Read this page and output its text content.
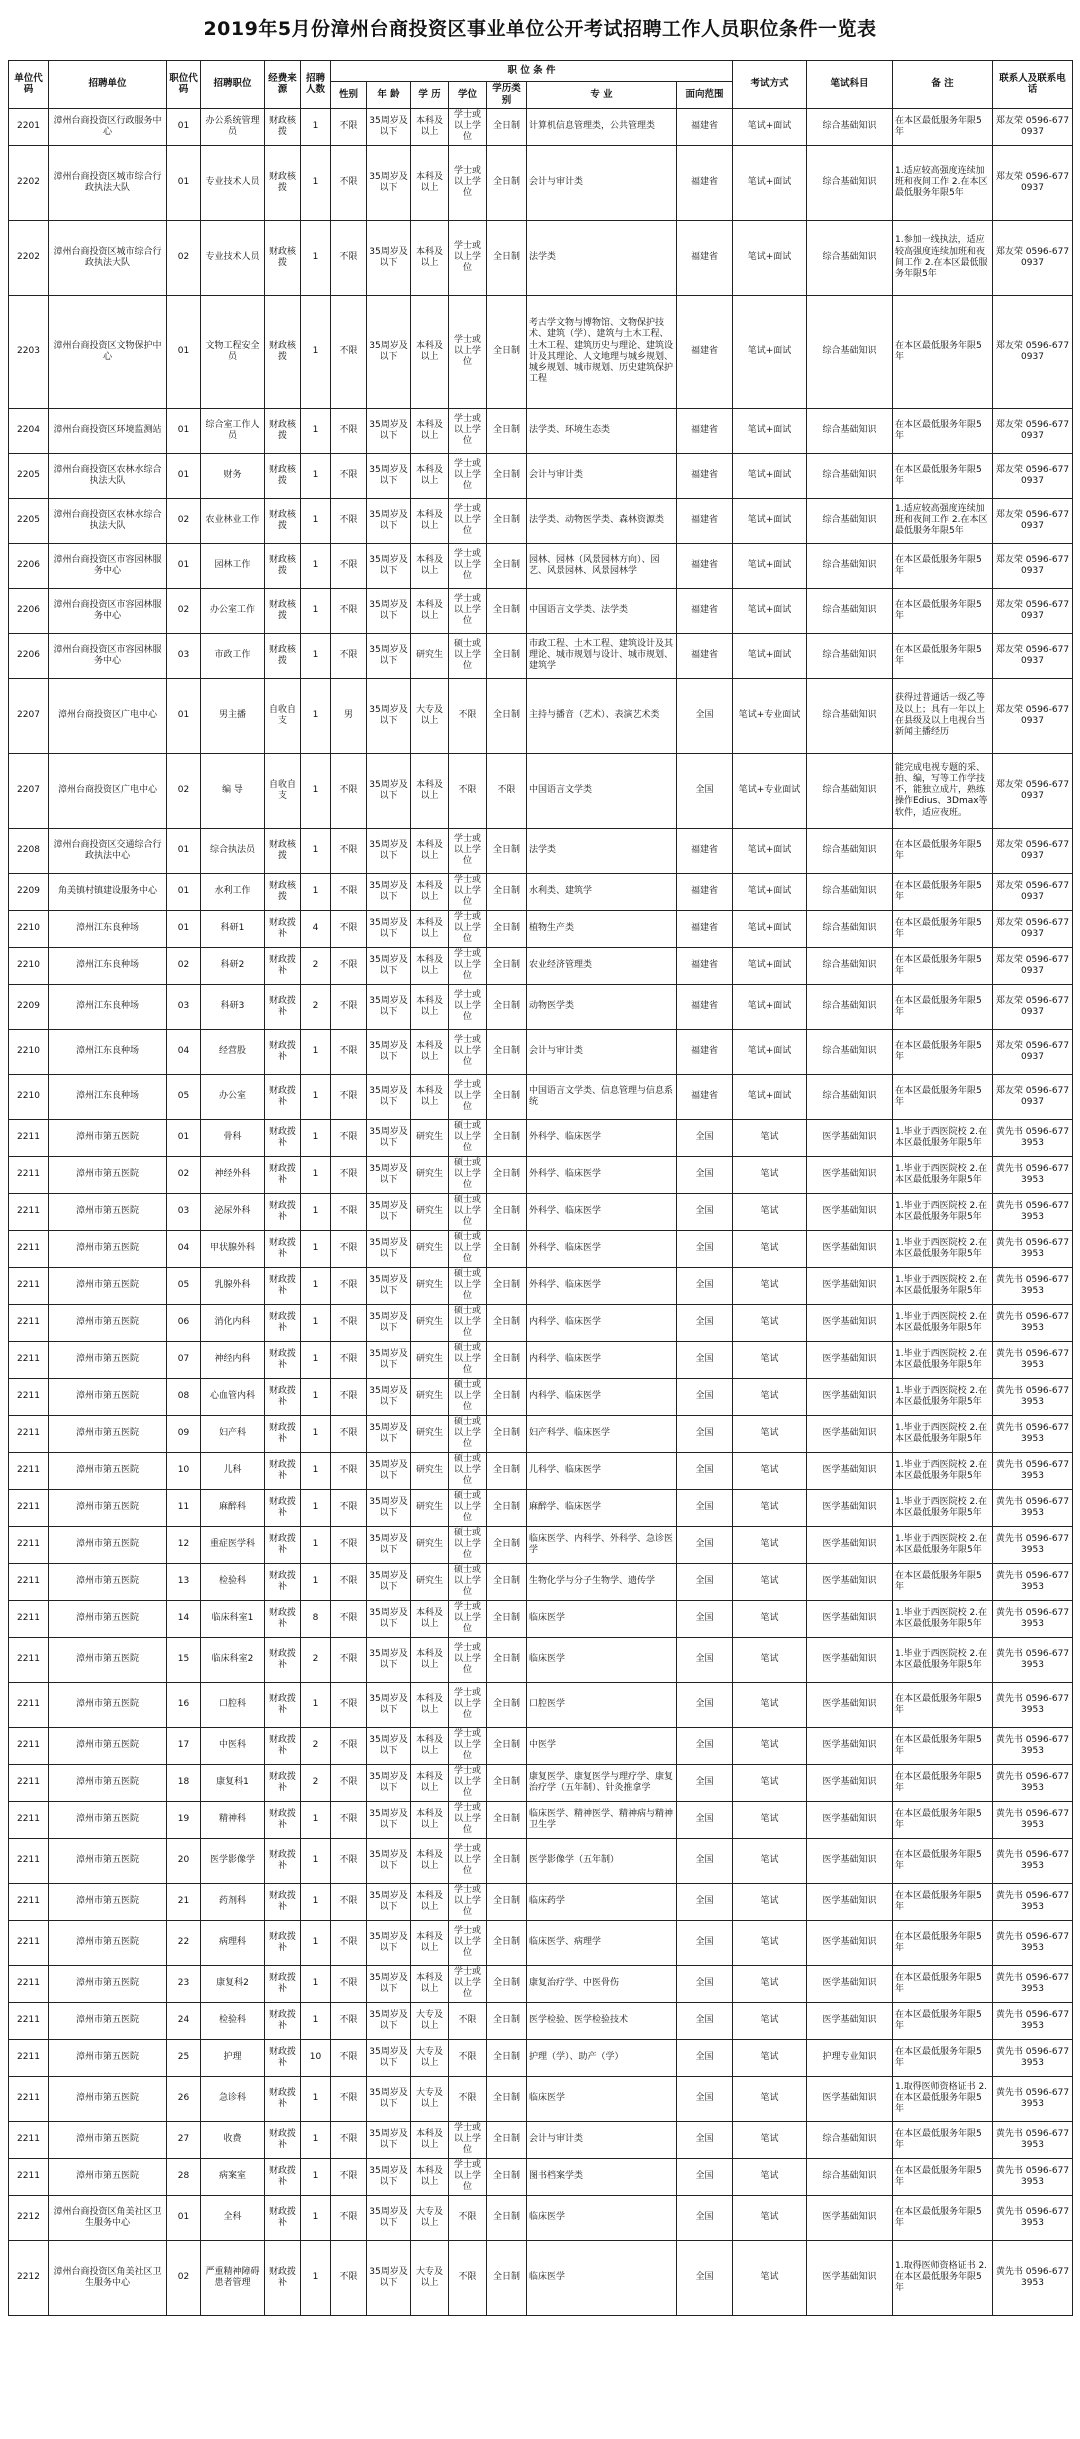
2019年5月份漳州台商投资区事业单位公开考试招聘工作人员职位条件一览表
单位代码	招聘单位	职位代码	招聘职位	经费来源	招聘人数	职 位 条 件							考试方式	笔试科目	备 注	联系人及联系电话
						性别	年 龄	学 历	学位	学历类别	专 业	面向范围				
2201	漳州台商投资区行政服务中心	01	办公系统管理员	财政核拨	1	不限	35周岁及以下	本科及以上	学士或以上学位	全日制	计算机信息管理类，公共管理类	福建省	笔试+面试	综合基础知识	在本区最低服务年限5年	郑友荣 0596-6770937
2202	漳州台商投资区城市综合行政执法大队	01	专业技术人员	财政核拨	1	不限	35周岁及以下	本科及以上	学士或以上学位	全日制	会计与审计类	福建省	笔试+面试	综合基础知识	1.适应较高强度连续加班和夜间工作 2.在本区最低服务年限5年	郑友荣 0596-6770937
2202	漳州台商投资区城市综合行政执法大队	02	专业技术人员	财政核拨	1	不限	35周岁及以下	本科及以上	学士或以上学位	全日制	法学类	福建省	笔试+面试	综合基础知识	1.参加一线执法，适应较高强度连续加班和夜间工作 2.在本区最低服务年限5年	郑友荣 0596-6770937
2203	漳州台商投资区文物保护中心	01	文物工程安全员	财政核拨	1	不限	35周岁及以下	本科及以上	学士或以上学位	全日制	考古学文物与博物馆、文物保护技术、建筑（学）、建筑与土木工程、土木工程、建筑历史与理论、建筑设计及其理论、人文地理与城乡规划、城乡规划、城市规划、历史建筑保护工程	福建省	笔试+面试	综合基础知识	在本区最低服务年限5年	郑友荣 0596-6770937
2204	漳州台商投资区环境监测站	01	综合室工作人员	财政核拨	1	不限	35周岁及以下	本科及以上	学士或以上学位	全日制	法学类、环境生态类	福建省	笔试+面试	综合基础知识	在本区最低服务年限5年	郑友荣 0596-6770937
2205	漳州台商投资区农林水综合执法大队	01	财务	财政核拨	1	不限	35周岁及以下	本科及以上	学士或以上学位	全日制	会计与审计类	福建省	笔试+面试	综合基础知识	在本区最低服务年限5年	郑友荣 0596-6770937
2205	漳州台商投资区农林水综合执法大队	02	农业林业工作	财政核拨	1	不限	35周岁及以下	本科及以上	学士或以上学位	全日制	法学类、动物医学类、森林资源类	福建省	笔试+面试	综合基础知识	1.适应较高强度连续加班和夜间工作 2.在本区最低服务年限5年	郑友荣 0596-6770937
2206	漳州台商投资区市容园林服务中心	01	园林工作	财政核拨	1	不限	35周岁及以下	本科及以上	学士或以上学位	全日制	园林、园林（风景园林方向）、园艺、风景园林、风景园林学	福建省	笔试+面试	综合基础知识	在本区最低服务年限5年	郑友荣 0596-6770937
2206	漳州台商投资区市容园林服务中心	02	办公室工作	财政核拨	1	不限	35周岁及以下	本科及以上	学士或以上学位	全日制	中国语言文学类、法学类	福建省	笔试+面试	综合基础知识	在本区最低服务年限5年	郑友荣 0596-6770937
2206	漳州台商投资区市容园林服务中心	03	市政工作	财政核拨	1	不限	35周岁及以下	研究生	硕士或以上学位	全日制	市政工程、土木工程、建筑设计及其理论、城市规划与设计、城市规划、建筑学	福建省	笔试+面试	综合基础知识	在本区最低服务年限5年	郑友荣 0596-6770937
2207	漳州台商投资区广电中心	01	男主播	自收自支	1	男	35周岁及以下	大专及以上	不限	全日制	主持与播音（艺术）、表演艺术类	全国	笔试+专业面试	综合基础知识	获得过普通话一级乙等及以上；具有一年以上在县级及以上电视台当新闻主播经历	郑友荣 0596-6770937
2207	漳州台商投资区广电中心	02	编 导	自收自支	1	不限	35周岁及以下	本科及以上	不限	不限	中国语言文学类	全国	笔试+专业面试	综合基础知识	能完成电视专题的采、拍、编，写等工作学技不，能独立成片，熟练操作Edius、3Dmax等软件，适应夜班。	郑友荣 0596-6770937
2208	漳州台商投资区交通综合行政执法中心	01	综合执法员	财政核拨	1	不限	35周岁及以下	本科及以上	学士或以上学位	全日制	法学类	福建省	笔试+面试	综合基础知识	在本区最低服务年限5年	郑友荣 0596-6770937
2209	角美镇村镇建设服务中心	01	水利工作	财政核拨	1	不限	35周岁及以下	本科及以上	学士或以上学位	全日制	水利类、建筑学	福建省	笔试+面试	综合基础知识	在本区最低服务年限5年	郑友荣 0596-6770937
2210	漳州江东良种场	01	科研1	财政拨补	4	不限	35周岁及以下	本科及以上	学士或以上学位	全日制	植物生产类	福建省	笔试+面试	综合基础知识	在本区最低服务年限5年	郑友荣 0596-6770937
2210	漳州江东良种场	02	科研2	财政拨补	2	不限	35周岁及以下	本科及以上	学士或以上学位	全日制	农业经济管理类	福建省	笔试+面试	综合基础知识	在本区最低服务年限5年	郑友荣 0596-6770937
2209	漳州江东良种场	03	科研3	财政拨补	2	不限	35周岁及以下	本科及以上	学士或以上学位	全日制	动物医学类	福建省	笔试+面试	综合基础知识	在本区最低服务年限5年	郑友荣 0596-6770937
2210	漳州江东良种场	04	经营股	财政拨补	1	不限	35周岁及以下	本科及以上	学士或以上学位	全日制	会计与审计类	福建省	笔试+面试	综合基础知识	在本区最低服务年限5年	郑友荣 0596-6770937
2210	漳州江东良种场	05	办公室	财政拨补	1	不限	35周岁及以下	本科及以上	学士或以上学位	全日制	中国语言文学类、信息管理与信息系统	福建省	笔试+面试	综合基础知识	在本区最低服务年限5年	郑友荣 0596-6770937
2211	漳州市第五医院	01	骨科	财政拨补	1	不限	35周岁及以下	研究生	硕士或以上学位	全日制	外科学、临床医学	全国	笔试	医学基础知识	1.毕业于西医院校 2.在本区最低服务年限5年	黄先书 0596-6773953
2211	漳州市第五医院	02	神经外科	财政拨补	1	不限	35周岁及以下	研究生	硕士或以上学位	全日制	外科学、临床医学	全国	笔试	医学基础知识	1.毕业于西医院校 2.在本区最低服务年限5年	黄先书 0596-6773953
2211	漳州市第五医院	03	泌尿外科	财政拨补	1	不限	35周岁及以下	研究生	硕士或以上学位	全日制	外科学、临床医学	全国	笔试	医学基础知识	1.毕业于西医院校 2.在本区最低服务年限5年	黄先书 0596-6773953
2211	漳州市第五医院	04	甲状腺外科	财政拨补	1	不限	35周岁及以下	研究生	硕士或以上学位	全日制	外科学、临床医学	全国	笔试	医学基础知识	1.毕业于西医院校 2.在本区最低服务年限5年	黄先书 0596-6773953
2211	漳州市第五医院	05	乳腺外科	财政拨补	1	不限	35周岁及以下	研究生	硕士或以上学位	全日制	外科学、临床医学	全国	笔试	医学基础知识	1.毕业于西医院校 2.在本区最低服务年限5年	黄先书 0596-6773953
2211	漳州市第五医院	06	消化内科	财政拨补	1	不限	35周岁及以下	研究生	硕士或以上学位	全日制	内科学、临床医学	全国	笔试	医学基础知识	1.毕业于西医院校 2.在本区最低服务年限5年	黄先书 0596-6773953
2211	漳州市第五医院	07	神经内科	财政拨补	1	不限	35周岁及以下	研究生	硕士或以上学位	全日制	内科学、临床医学	全国	笔试	医学基础知识	1.毕业于西医院校 2.在本区最低服务年限5年	黄先书 0596-6773953
2211	漳州市第五医院	08	心血管内科	财政拨补	1	不限	35周岁及以下	研究生	硕士或以上学位	全日制	内科学、临床医学	全国	笔试	医学基础知识	1.毕业于西医院校 2.在本区最低服务年限5年	黄先书 0596-6773953
2211	漳州市第五医院	09	妇产科	财政拨补	1	不限	35周岁及以下	研究生	硕士或以上学位	全日制	妇产科学、临床医学	全国	笔试	医学基础知识	1.毕业于西医院校 2.在本区最低服务年限5年	黄先书 0596-6773953
2211	漳州市第五医院	10	儿科	财政拨补	1	不限	35周岁及以下	研究生	硕士或以上学位	全日制	儿科学、临床医学	全国	笔试	医学基础知识	1.毕业于西医院校 2.在本区最低服务年限5年	黄先书 0596-6773953
2211	漳州市第五医院	11	麻醉科	财政拨补	1	不限	35周岁及以下	研究生	硕士或以上学位	全日制	麻醉学、临床医学	全国	笔试	医学基础知识	1.毕业于西医院校 2.在本区最低服务年限5年	黄先书 0596-6773953
2211	漳州市第五医院	12	重症医学科	财政拨补	1	不限	35周岁及以下	研究生	硕士或以上学位	全日制	临床医学、内科学、外科学、急诊医学	全国	笔试	医学基础知识	1.毕业于西医院校 2.在本区最低服务年限5年	黄先书 0596-6773953
2211	漳州市第五医院	13	检验科	财政拨补	1	不限	35周岁及以下	研究生	硕士或以上学位	全日制	生物化学与分子生物学、遗传学	全国	笔试	医学基础知识	在本区最低服务年限5年	黄先书 0596-6773953
2211	漳州市第五医院	14	临床科室1	财政拨补	8	不限	35周岁及以下	本科及以上	学士或以上学位	全日制	临床医学	全国	笔试	医学基础知识	1.毕业于西医院校 2.在本区最低服务年限5年	黄先书 0596-6773953
2211	漳州市第五医院	15	临床科室2	财政拨补	2	不限	35周岁及以下	本科及以上	学士或以上学位	全日制	临床医学	全国	笔试	医学基础知识	1.毕业于西医院校 2.在本区最低服务年限5年	黄先书 0596-6773953
2211	漳州市第五医院	16	口腔科	财政拨补	1	不限	35周岁及以下	本科及以上	学士或以上学位	全日制	口腔医学	全国	笔试	医学基础知识	在本区最低服务年限5年	黄先书 0596-6773953
2211	漳州市第五医院	17	中医科	财政拨补	2	不限	35周岁及以下	本科及以上	学士或以上学位	全日制	中医学	全国	笔试	医学基础知识	在本区最低服务年限5年	黄先书 0596-6773953
2211	漳州市第五医院	18	康复科1	财政拨补	2	不限	35周岁及以下	本科及以上	学士或以上学位	全日制	康复医学、康复医学与理疗学、康复治疗学（五年制）、针灸推拿学	全国	笔试	医学基础知识	在本区最低服务年限5年	黄先书 0596-6773953
2211	漳州市第五医院	19	精神科	财政拨补	1	不限	35周岁及以下	本科及以上	学士或以上学位	全日制	临床医学、精神医学、精神病与精神卫生学	全国	笔试	医学基础知识	在本区最低服务年限5年	黄先书 0596-6773953
2211	漳州市第五医院	20	医学影像学	财政拨补	1	不限	35周岁及以下	本科及以上	学士或以上学位	全日制	医学影像学（五年制）	全国	笔试	医学基础知识	在本区最低服务年限5年	黄先书 0596-6773953
2211	漳州市第五医院	21	药剂科	财政拨补	1	不限	35周岁及以下	本科及以上	学士或以上学位	全日制	临床药学	全国	笔试	医学基础知识	在本区最低服务年限5年	黄先书 0596-6773953
2211	漳州市第五医院	22	病理科	财政拨补	1	不限	35周岁及以下	本科及以上	学士或以上学位	全日制	临床医学、病理学	全国	笔试	医学基础知识	在本区最低服务年限5年	黄先书 0596-6773953
2211	漳州市第五医院	23	康复科2	财政拨补	1	不限	35周岁及以下	本科及以上	学士或以上学位	全日制	康复治疗学、中医骨伤	全国	笔试	医学基础知识	在本区最低服务年限5年	黄先书 0596-6773953
2211	漳州市第五医院	24	检验科	财政拨补	1	不限	35周岁及以下	大专及以上	不限	全日制	医学检验、医学检验技术	全国	笔试	医学基础知识	在本区最低服务年限5年	黄先书 0596-6773953
2211	漳州市第五医院	25	护理	财政拨补	10	不限	35周岁及以下	大专及以上	不限	全日制	护理（学）、助产（学）	全国	笔试	护理专业知识	在本区最低服务年限5年	黄先书 0596-6773953
2211	漳州市第五医院	26	急诊科	财政拨补	1	不限	35周岁及以下	大专及以上	不限	全日制	临床医学	全国	笔试	医学基础知识	1.取得医师资格证书 2.在本区最低服务年限5年	黄先书 0596-6773953
2211	漳州市第五医院	27	收费	财政拨补	1	不限	35周岁及以下	本科及以上	学士或以上学位	全日制	会计与审计类	全国	笔试	综合基础知识	在本区最低服务年限5年	黄先书 0596-6773953
2211	漳州市第五医院	28	病案室	财政拨补	1	不限	35周岁及以下	本科及以上	学士或以上学位	全日制	图书档案学类	全国	笔试	综合基础知识	在本区最低服务年限5年	黄先书 0596-6773953
2212	漳州台商投资区角美社区卫生服务中心	01	全科	财政拨补	1	不限	35周岁及以下	大专及以上	不限	全日制	临床医学	全国	笔试	医学基础知识	在本区最低服务年限5年	黄先书 0596-6773953
2212	漳州台商投资区角美社区卫生服务中心	02	严重精神障碍患者管理	财政拨补	1	不限	35周岁及以下	大专及以上	不限	全日制	临床医学	全国	笔试	医学基础知识	1.取得医师资格证书 2.在本区最低服务年限5年	黄先书 0596-6773953
